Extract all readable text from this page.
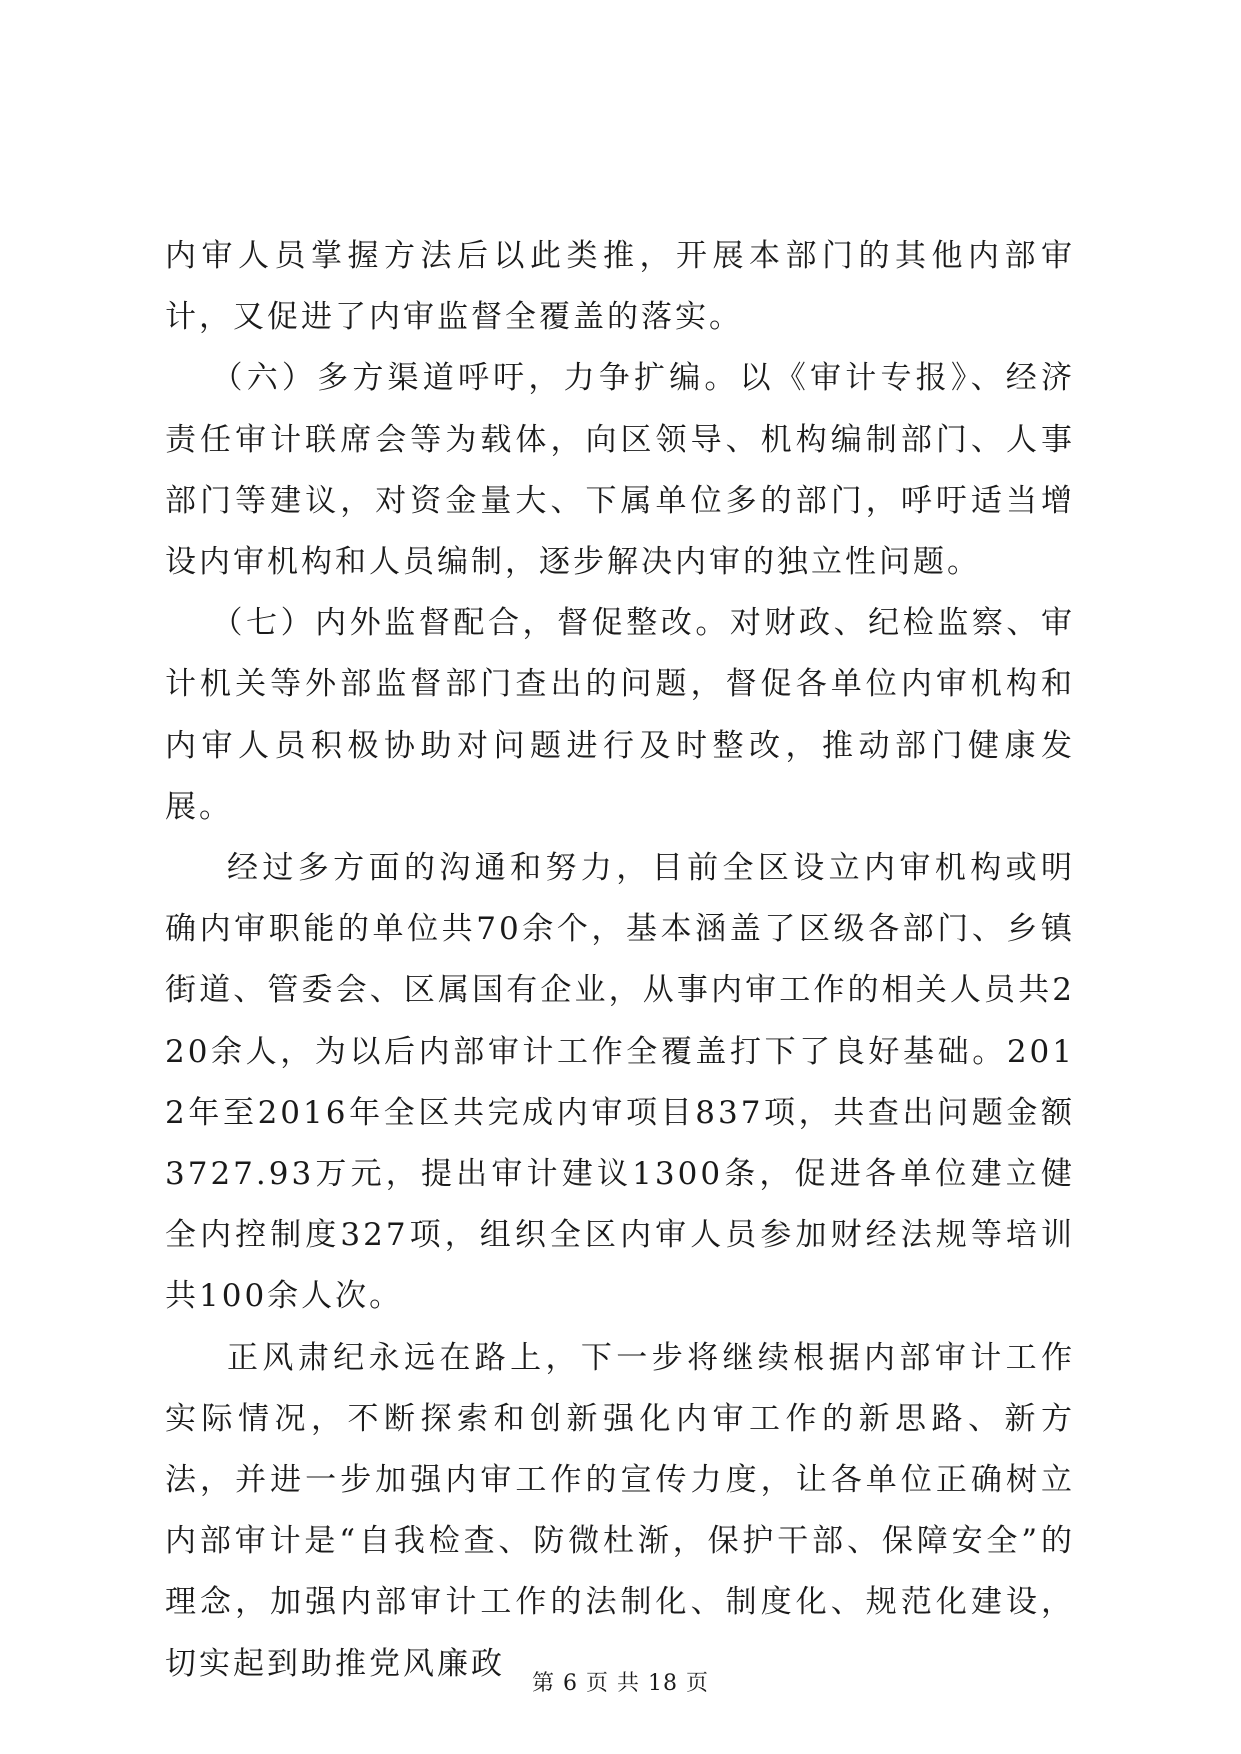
内审人员掌握方法后以此类推，开展本部门的其他内部审计，又促进了内审监督全覆盖的落实。

（六）多方渠道呼吁，力争扩编。以《审计专报》、经济责任审计联席会等为载体，向区领导、机构编制部门、人事部门等建议，对资金量大、下属单位多的部门，呼吁适当增设内审机构和人员编制，逐步解决内审的独立性问题。

（七）内外监督配合，督促整改。对财政、纪检监察、审计机关等外部监督部门查出的问题，督促各单位内审机构和内审人员积极协助对问题进行及时整改，推动部门健康发展。

经过多方面的沟通和努力，目前全区设立内审机构或明确内审职能的单位共70余个，基本涵盖了区级各部门、乡镇街道、管委会、区属国有企业，从事内审工作的相关人员共220余人，为以后内部审计工作全覆盖打下了良好基础。2012年至2016年全区共完成内审项目837项，共查出问题金额3727.93万元，提出审计建议1300条，促进各单位建立健全内控制度327项，组织全区内审人员参加财经法规等培训共100余人次。

正风肃纪永远在路上，下一步将继续根据内部审计工作实际情况，不断探索和创新强化内审工作的新思路、新方法，并进一步加强内审工作的宣传力度，让各单位正确树立内部审计是“自我检查、防微杜渐，保护干部、保障安全”的理念，加强内部审计工作的法制化、制度化、规范化建设，切实起到助推党风廉政

第 6 页 共 18 页
